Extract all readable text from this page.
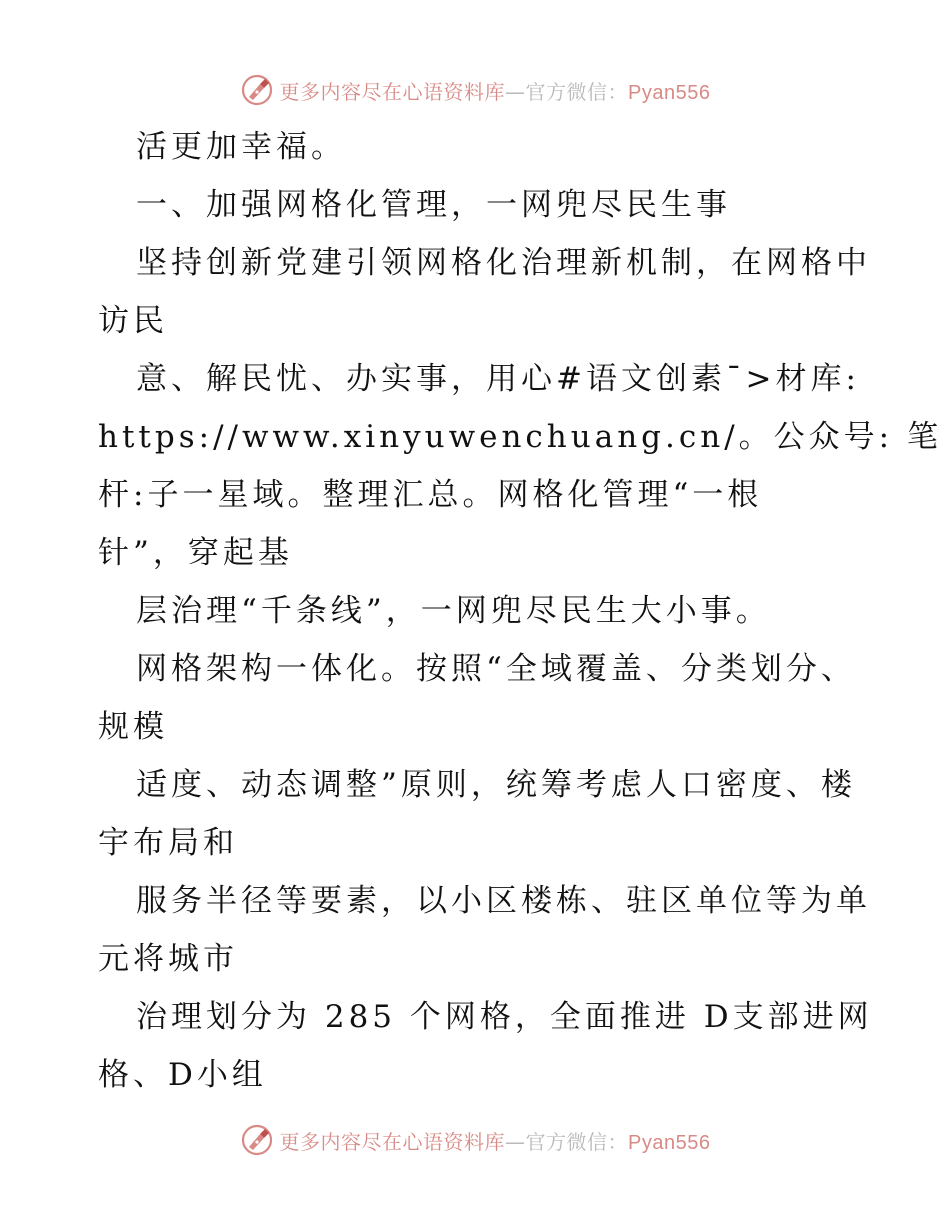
更多内容尽在心语资料库—官方微信：Pyan556
活更加幸福。
一、加强网格化管理，一网兜尽民生事
坚持创新党建引领网格化治理新机制，在网格中
访民
意、解民忧、办实事，用心#语文创素¯>材库:
https://www.xinyuwenchuang.cn/。公众号: 笔
杆:子一星域。整理汇总。网格化管理“一根
针”，穿起基
层治理“千条线”，一网兜尽民生大小事。
网格架构一体化。按照“全域覆盖、分类划分、
规模
适度、动态调整”原则，统筹考虑人口密度、楼
宇布局和
服务半径等要素，以小区楼栋、驻区单位等为单
元将城市
治理划分为 285 个网格，全面推进 D支部进网
格、D小组
更多内容尽在心语资料库—官方微信：Pyan556
